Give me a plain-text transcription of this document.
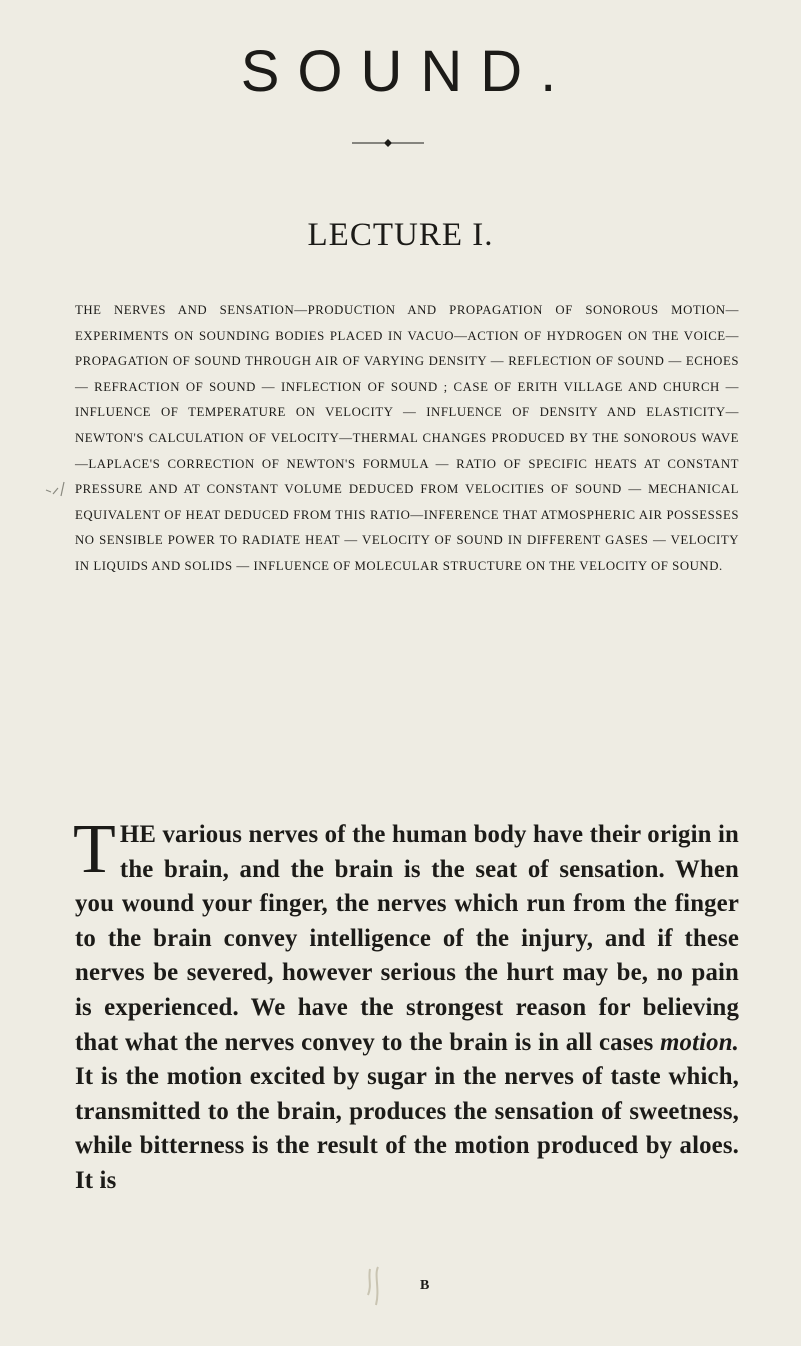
SOUND.
LECTURE I.

THE NERVES AND SENSATION—PRODUCTION AND PROPAGATION OF SONOROUS MOTION—EXPERIMENTS ON SOUNDING BODIES PLACED IN VACUO—ACTION OF HYDROGEN ON THE VOICE—PROPAGATION OF SOUND THROUGH AIR OF VARYING DENSITY — REFLECTION OF SOUND — ECHOES — REFRACTION OF SOUND — INFLECTION OF SOUND ; CASE OF ERITH VILLAGE AND CHURCH — INFLUENCE OF TEMPERATURE ON VELOCITY — INFLUENCE OF DENSITY AND ELASTICITY—NEWTON'S CALCULATION OF VELOCITY—THERMAL CHANGES PRODUCED BY THE SONOROUS WAVE—LAPLACE'S CORRECTION OF NEWTON'S FORMULA — RATIO OF SPECIFIC HEATS AT CONSTANT PRESSURE AND AT CONSTANT VOLUME DEDUCED FROM VELOCITIES OF SOUND — MECHANICAL EQUIVALENT OF HEAT DEDUCED FROM THIS RATIO—INFERENCE THAT ATMOSPHERIC AIR POSSESSES NO SENSIBLE POWER TO RADIATE HEAT — VELOCITY OF SOUND IN DIFFERENT GASES — VELOCITY IN LIQUIDS AND SOLIDS — INFLUENCE OF MOLECULAR STRUCTURE ON THE VELOCITY OF SOUND.

THE various nerves of the human body have their origin in the brain, and the brain is the seat of sensation. When you wound your finger, the nerves which run from the finger to the brain convey intelligence of the injury, and if these nerves be severed, however serious the hurt may be, no pain is experienced. We have the strongest reason for believing that what the nerves convey to the brain is in all cases motion. It is the motion excited by sugar in the nerves of taste which, transmitted to the brain, produces the sensation of sweetness, while bitterness is the result of the motion produced by aloes. It is

B
